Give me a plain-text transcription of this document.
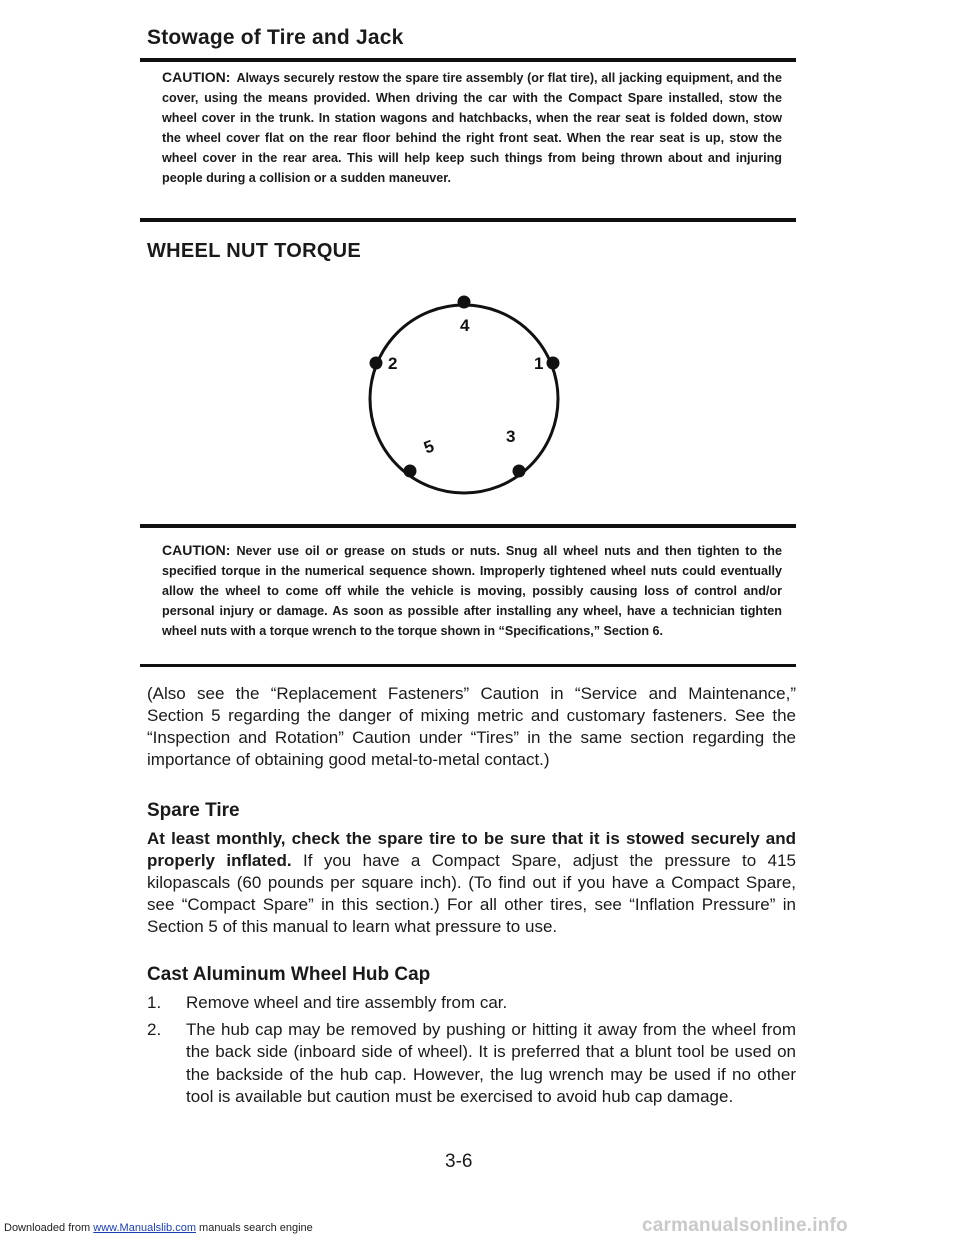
Stowage of Tire and Jack
CAUTION: Always securely restow the spare tire assembly (or flat tire), all jacking equipment, and the cover, using the means provided. When driving the car with the Compact Spare installed, stow the wheel cover in the trunk. In station wagons and hatchbacks, when the rear seat is folded down, stow the wheel cover flat on the rear floor behind the right front seat. When the rear seat is up, stow the wheel cover in the rear area. This will help keep such things from being thrown about and injuring people during a collision or a sudden maneuver.
WHEEL NUT TORQUE
4
2	1
5	3
CAUTION: Never use oil or grease on studs or nuts. Snug all wheel nuts and then tighten to the specified torque in the numerical sequence shown. Improperly tightened wheel nuts could eventually allow the wheel to come off while the vehicle is moving, possibly causing loss of control and/or personal injury or damage. As soon as possible after installing any wheel, have a technician tighten wheel nuts with a torque wrench to the torque shown in “Specifications,” Section 6.
(Also see the “Replacement Fasteners” Caution in “Service and Maintenance,” Section 5 regarding the danger of mixing metric and customary fasteners. See the “Inspection and Rotation” Caution under “Tires” in the same section regarding the importance of obtaining good metal-to-metal contact.)
Spare Tire
At least monthly, check the spare tire to be sure that it is stowed securely and properly inflated. If you have a Compact Spare, adjust the pressure to 415 kilopascals (60 pounds per square inch). (To find out if you have a Compact Spare, see “Compact Spare” in this section.) For all other tires, see “Inflation Pressure” in Section 5 of this manual to learn what pressure to use.
Cast Aluminum Wheel Hub Cap
1.	Remove wheel and tire assembly from car.
2.	The hub cap may be removed by pushing or hitting it away from the wheel from the back side (inboard side of wheel). It is preferred that a blunt tool be used on the backside of the hub cap. However, the lug wrench may be used if no other tool is available but caution must be exercised to avoid hub cap damage.
3-6
Downloaded from www.Manualslib.com manuals search engine	carmanualsonline.info
